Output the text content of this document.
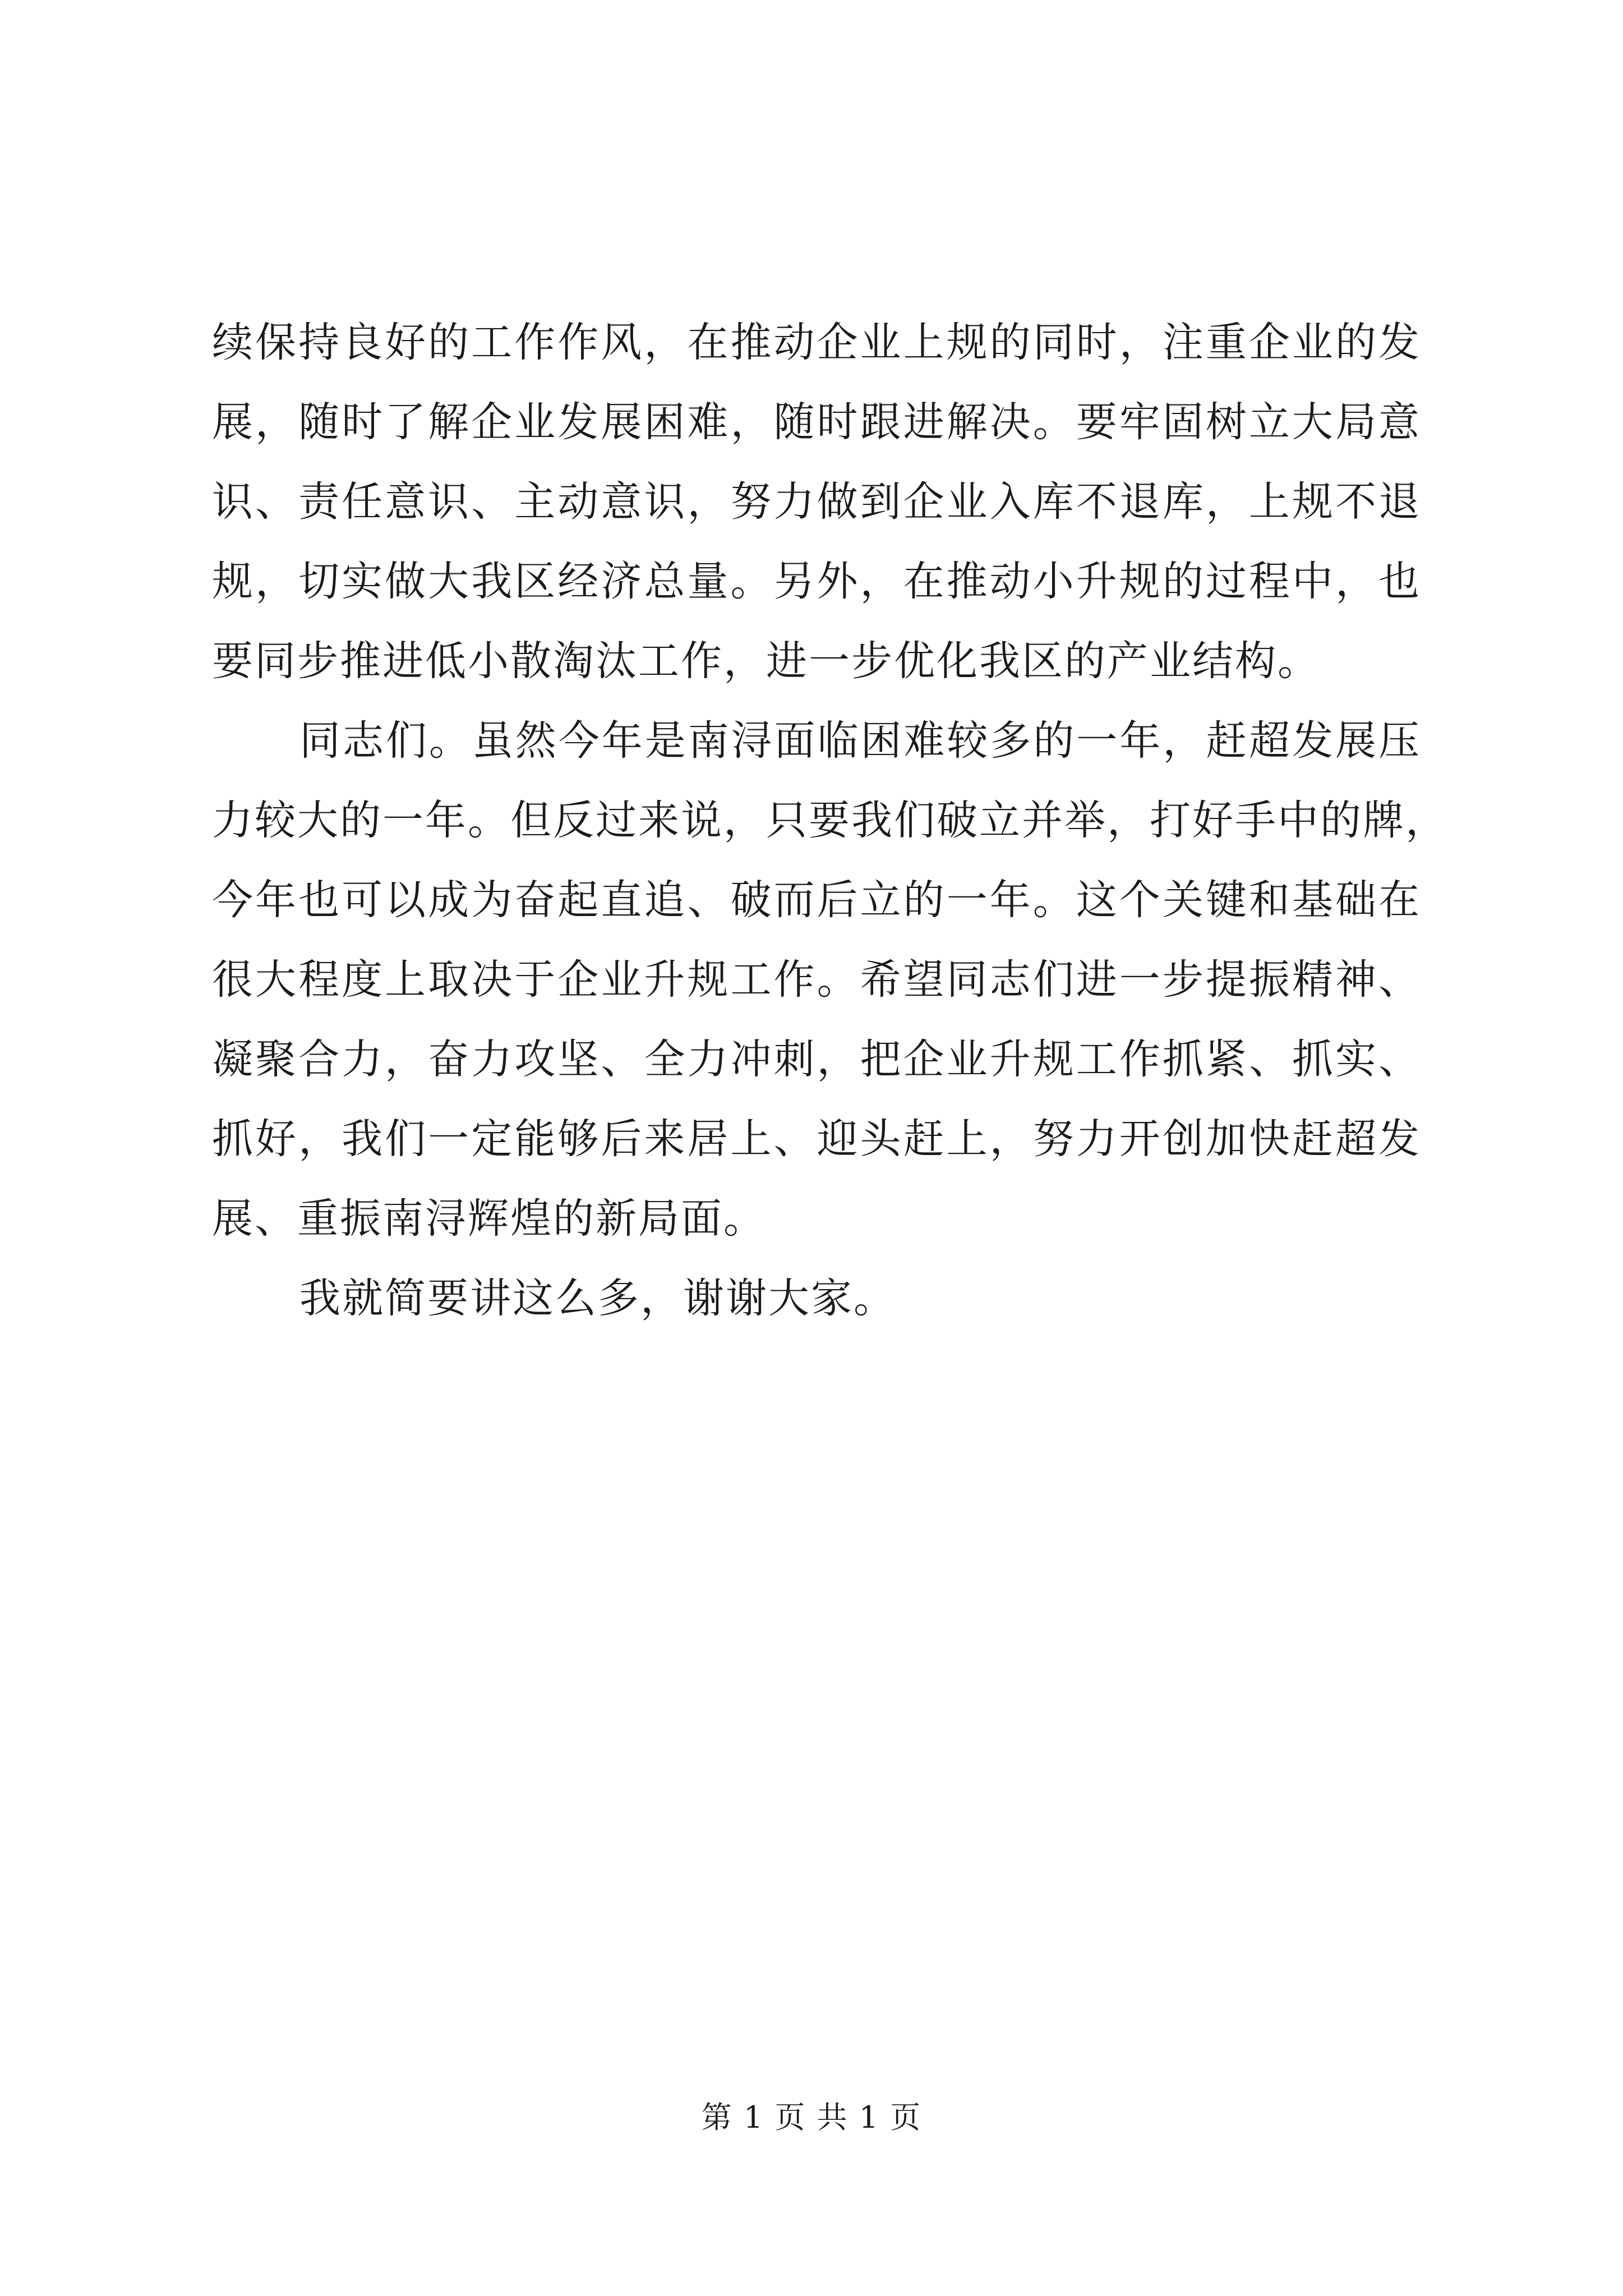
续保持良好的工作作风，在推动企业上规的同时，注重企业的发
展，随时了解企业发展困难，随时跟进解决。要牢固树立大局意
识、责任意识、主动意识，努力做到企业入库不退库，上规不退
规，切实做大我区经济总量。另外，在推动小升规的过程中，也
要同步推进低小散淘汰工作，进一步优化我区的产业结构。
同志们。虽然今年是南浔面临困难较多的一年，赶超发展压
力较大的一年。但反过来说，只要我们破立并举，打好手中的牌，
今年也可以成为奋起直追、破而后立的一年。这个关键和基础在
很大程度上取决于企业升规工作。希望同志们进一步提振精神、
凝聚合力，奋力攻坚、全力冲刺，把企业升规工作抓紧、抓实、
抓好，我们一定能够后来居上、迎头赶上，努力开创加快赶超发
展、重振南浔辉煌的新局面。
我就简要讲这么多，谢谢大家。
第 1 页 共 1 页
